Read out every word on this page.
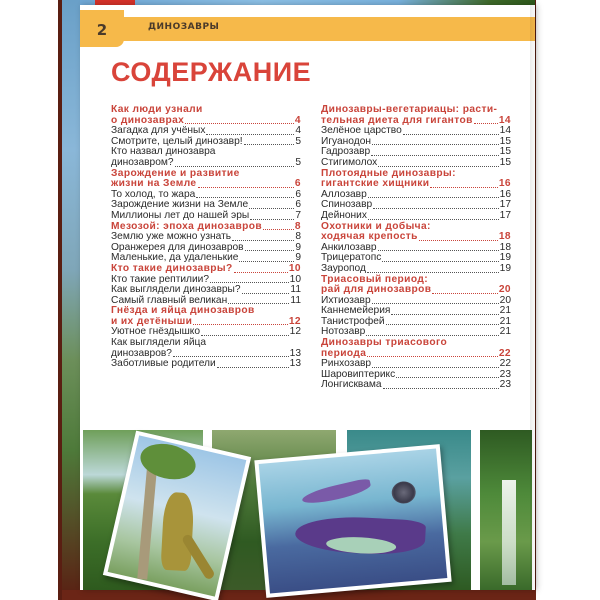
2	ДИНОЗАВРЫ
СОДЕРЖАНИЕ
Как люди узнали
о динозаврах	4
Загадка для учёных	4
Смотрите, целый динозавр!	5
Кто назвал динозавра
динозавром?	5
Зарождение и развитие
жизни на Земле	6
То холод, то жара	6
Зарождение жизни на Земле	6
Миллионы лет до нашей эры	7
Мезозой: эпоха динозавров	8
Землю уже можно узнать	8
Оранжерея для динозавров	9
Маленькие, да удаленькие	9
Кто такие динозавры?	10
Кто такие рептилии?	10
Как выглядели динозавры?	11
Самый главный великан	11
Гнёзда и яйца динозавров
и их детёныши	12
Уютное гнёздышко	12
Как выглядели яйца
динозавров?	13
Заботливые родители	13
Динозавры-вегетариацы: расти-
тельная диета для гигантов	14
Зелёное царство	14
Игуанодон	15
Гадрозавр	15
Стигимолох	15
Плотоядные динозавры:
гигантские хищники	16
Аллозавр	16
Спинозавр	17
Дейноних	17
Охотники и добыча:
ходячая крепость	18
Анкилозавр	18
Трицератопс	19
Зауропод	19
Триасовый период:
рай для динозавров	20
Ихтиозавр	20
Каннемейерия	21
Танистрофей	21
Нотозавр	21
Динозавры триасового
периода	22
Ринхозавр	22
Шаровиптерикс	23
Лонгисквама	23
